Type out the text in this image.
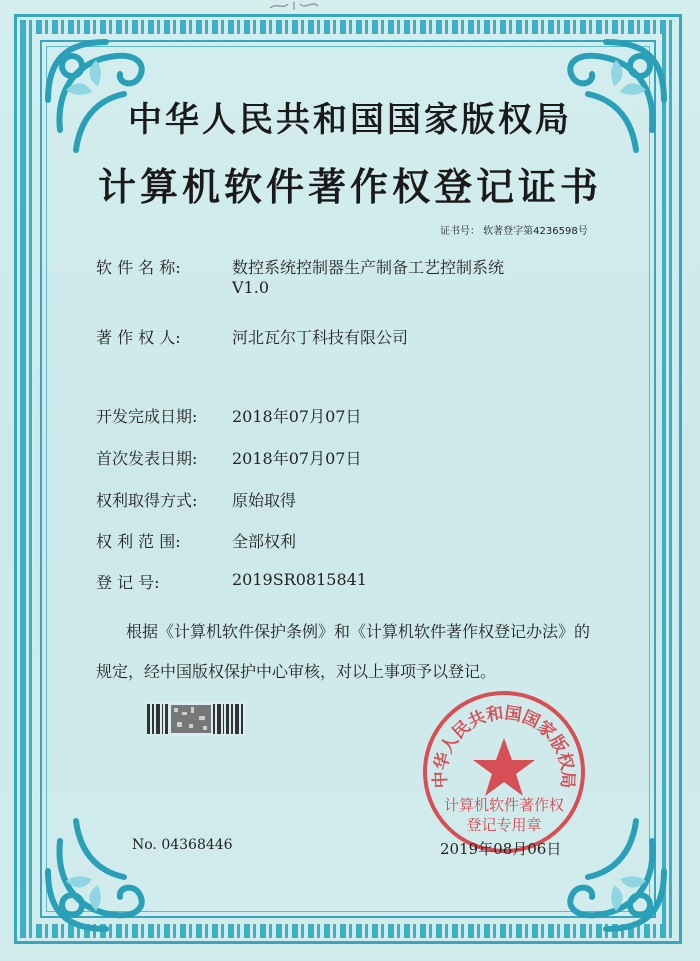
中华人民共和国国家版权局
计算机软件著作权登记证书
证书号： 软著登字第4236598号
软 件 名 称:	数控系统控制器生产制备工艺控制系统
V1.0
著 作 权 人:	河北瓦尔丁科技有限公司
开发完成日期: 2018年07月07日
首次发表日期: 2018年07月07日
权利取得方式: 原始取得
权 利 范 围:	全部权利
登 记 号:	2019SR0815841
根据《计算机软件保护条例》和《计算机软件著作权登记办法》的
规定，经中国版权保护中心审核，对以上事项予以登记。
中华人民共和国国家版权局
计算机软件著作权
登记专用章
No. 04368446	2019年08月06日
